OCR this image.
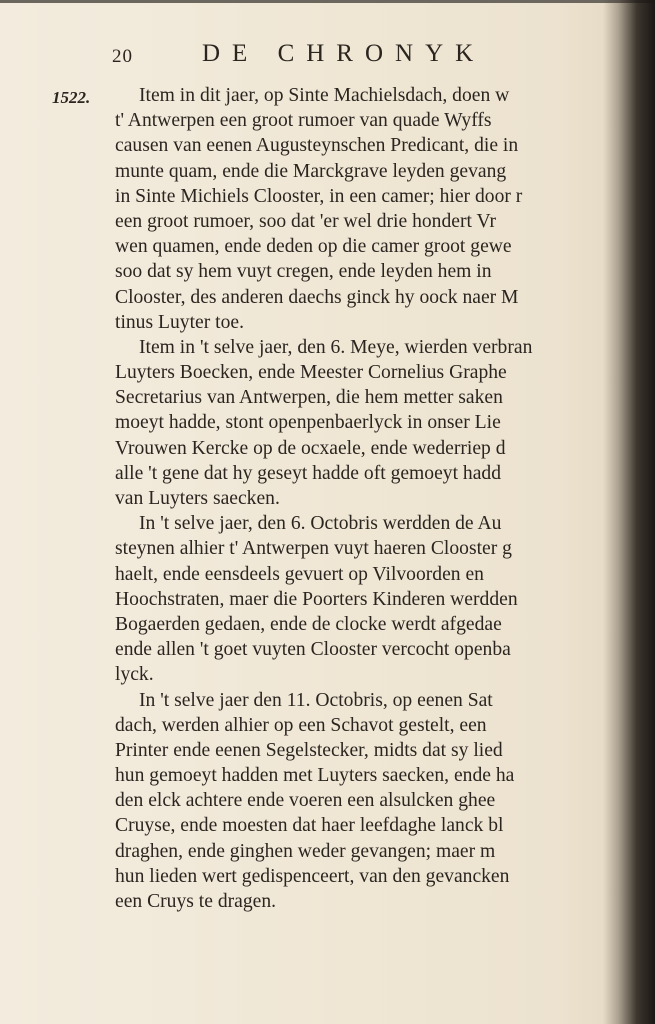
20	DE CHRONYK
1522.	Item in dit jaer, op Sinte Machielsdach, doen w
t' Antwerpen een groot rumoer van quade Wyffs
causen van eenen Augusteynschen Predicant, die in
munte quam, ende die Marckgrave leyden gevang
in Sinte Michiels Clooster, in een camer; hier door r
een groot rumoer, soo dat 'er wel drie hondert Vr
wen quamen, ende deden op die camer groot gewe
soo dat sy hem vuyt cregen, ende leyden hem in
Clooster, des anderen daechs ginck hy oock naer M
tinus Luyter toe.
Item in 't selve jaer, den 6. Meye, wierden verbran
Luyters Boecken, ende Meester Cornelius Graphe
Secretarius van Antwerpen, die hem metter saken
moeyt hadde, stont openpenbaerlyck in onser Lie
Vrouwen Kercke op de ocxaele, ende wederriep d
alle 't gene dat hy geseyt hadde oft gemoeyt hadd
van Luyters saecken.
In 't selve jaer, den 6. Octobris werdden de Au
steynen alhier t' Antwerpen vuyt haeren Clooster g
haelt, ende eensdeels gevuert op Vilvoorden en
Hoochstraten, maer die Poorters Kinderen werdden
Bogaerden gedaen, ende de clocke werdt afgedae
ende allen 't goet vuyten Clooster vercocht openba
lyck.
In 't selve jaer den 11. Octobris, op eenen Sat
dach, werden alhier op een Schavot gestelt, een
Printer ende eenen Segelstecker, midts dat sy lied
hun gemoeyt hadden met Luyters saecken, ende ha
den elck achtere ende voeren een alsulcken ghee
Cruyse, ende moesten dat haer leefdaghe lanck bl
draghen, ende ginghen weder gevangen; maer m
hun lieden wert gedispenceert, van den gevancken
een Cruys te dragen.
